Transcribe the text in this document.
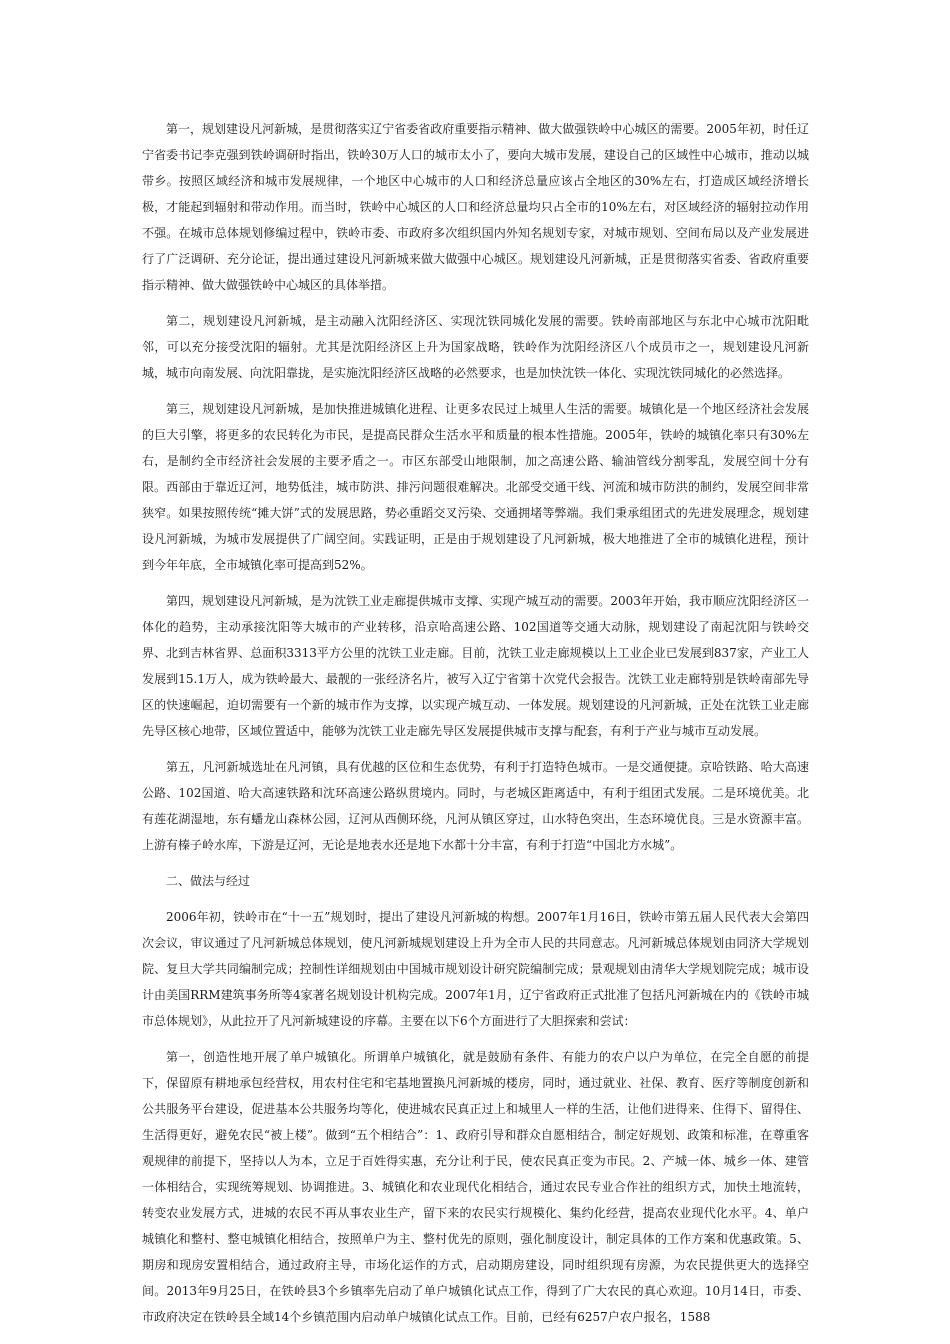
第一，规划建设凡河新城，是贯彻落实辽宁省委省政府重要指示精神、做大做强铁岭中心城区的需要。2005年初，时任辽宁省委书记李克强到铁岭调研时指出，铁岭30万人口的城市太小了，要向大城市发展，建设自己的区域性中心城市，推动以城带乡。按照区域经济和城市发展规律，一个地区中心城市的人口和经济总量应该占全地区的30%左右，打造成区域经济增长极，才能起到辐射和带动作用。而当时，铁岭中心城区的人口和经济总量均只占全市的10%左右，对区域经济的辐射拉动作用不强。在城市总体规划修编过程中，铁岭市委、市政府多次组织国内外知名规划专家，对城市规划、空间布局以及产业发展进行了广泛调研、充分论证，提出通过建设凡河新城来做大做强中心城区。规划建设凡河新城，正是贯彻落实省委、省政府重要指示精神、做大做强铁岭中心城区的具体举措。

第二，规划建设凡河新城，是主动融入沈阳经济区、实现沈铁同城化发展的需要。铁岭南部地区与东北中心城市沈阳毗邻，可以充分接受沈阳的辐射。尤其是沈阳经济区上升为国家战略，铁岭作为沈阳经济区八个成员市之一，规划建设凡河新城，城市向南发展、向沈阳靠拢，是实施沈阳经济区战略的必然要求，也是加快沈铁一体化、实现沈铁同城化的必然选择。

第三，规划建设凡河新城，是加快推进城镇化进程、让更多农民过上城里人生活的需要。城镇化是一个地区经济社会发展的巨大引擎，将更多的农民转化为市民，是提高民群众生活水平和质量的根本性措施。2005年，铁岭的城镇化率只有30%左右，是制约全市经济社会发展的主要矛盾之一。市区东部受山地限制，加之高速公路、输油管线分割零乱，发展空间十分有限。西部由于靠近辽河，地势低洼，城市防洪、排污问题很难解决。北部受交通干线、河流和城市防洪的制约，发展空间非常狭窄。如果按照传统“摊大饼”式的发展思路，势必重蹈交叉污染、交通拥堵等弊端。我们秉承组团式的先进发展理念，规划建设凡河新城，为城市发展提供了广阔空间。实践证明，正是由于规划建设了凡河新城，极大地推进了全市的城镇化进程，预计到今年年底，全市城镇化率可提高到52%。

第四，规划建设凡河新城，是为沈铁工业走廊提供城市支撑、实现产城互动的需要。2003年开始，我市顺应沈阳经济区一体化的趋势，主动承接沈阳等大城市的产业转移，沿京哈高速公路、102国道等交通大动脉，规划建设了南起沈阳与铁岭交界、北到吉林省界、总面积3313平方公里的沈铁工业走廊。目前，沈铁工业走廊规模以上工业企业已发展到837家，产业工人发展到15.1万人，成为铁岭最大、最靓的一张经济名片，被写入辽宁省第十次党代会报告。沈铁工业走廊特别是铁岭南部先导区的快速崛起，迫切需要有一个新的城市作为支撑，以实现产城互动、一体发展。规划建设的凡河新城，正处在沈铁工业走廊先导区核心地带，区域位置适中，能够为沈铁工业走廊先导区发展提供城市支撑与配套，有利于产业与城市互动发展。

第五，凡河新城选址在凡河镇，具有优越的区位和生态优势，有利于打造特色城市。一是交通便捷。京哈铁路、哈大高速公路、102国道、哈大高速铁路和沈环高速公路纵贯境内。同时，与老城区距离适中，有利于组团式发展。二是环境优美。北有莲花湖湿地，东有蟠龙山森林公园，辽河从西侧环绕，凡河从镇区穿过，山水特色突出，生态环境优良。三是水资源丰富。上游有榛子岭水库，下游是辽河，无论是地表水还是地下水都十分丰富，有利于打造“中国北方水城”。

二、做法与经过

2006年初，铁岭市在“十一五”规划时，提出了建设凡河新城的构想。2007年1月16日，铁岭市第五届人民代表大会第四次会议，审议通过了凡河新城总体规划，使凡河新城规划建设上升为全市人民的共同意志。凡河新城总体规划由同济大学规划院、复旦大学共同编制完成；控制性详细规划由中国城市规划设计研究院编制完成；景观规划由清华大学规划院完成；城市设计由美国RRM建筑事务所等4家著名规划设计机构完成。2007年1月，辽宁省政府正式批准了包括凡河新城在内的《铁岭市城市总体规划》，从此拉开了凡河新城建设的序幕。主要在以下6个方面进行了大胆探索和尝试：

第一，创造性地开展了单户城镇化。所谓单户城镇化，就是鼓励有条件、有能力的农户以户为单位，在完全自愿的前提下，保留原有耕地承包经营权，用农村住宅和宅基地置换凡河新城的楼房，同时，通过就业、社保、教育、医疗等制度创新和公共服务平台建设，促进基本公共服务均等化，使进城农民真正过上和城里人一样的生活，让他们进得来、住得下、留得住、生活得更好，避免农民“被上楼”。做到“五个相结合”：1、政府引导和群众自愿相结合，制定好规划、政策和标准，在尊重客观规律的前提下，坚持以人为本，立足于百姓得实惠，充分让利于民，使农民真正变为市民。2、产城一体、城乡一体、建管一体相结合，实现统筹规划、协调推进。3、城镇化和农业现代化相结合，通过农民专业合作社的组织方式，加快土地流转，转变农业发展方式，进城的农民不再从事农业生产，留下来的农民实行规模化、集约化经营，提高农业现代化水平。4、单户城镇化和整村、整屯城镇化相结合，按照单户为主、整村优先的原则，强化制度设计，制定具体的工作方案和优惠政策。5、期房和现房安置相结合，通过政府主导，市场化运作的方式，启动期房建设，同时组织现有房源，为农民提供更大的选择空间。2013年9月25日，在铁岭县3个乡镇率先启动了单户城镇化试点工作，得到了广大农民的真心欢迎。10月14日，市委、市政府决定在铁岭县全域14个乡镇范围内启动单户城镇化试点工作。目前，已经有6257户农户报名，1588
